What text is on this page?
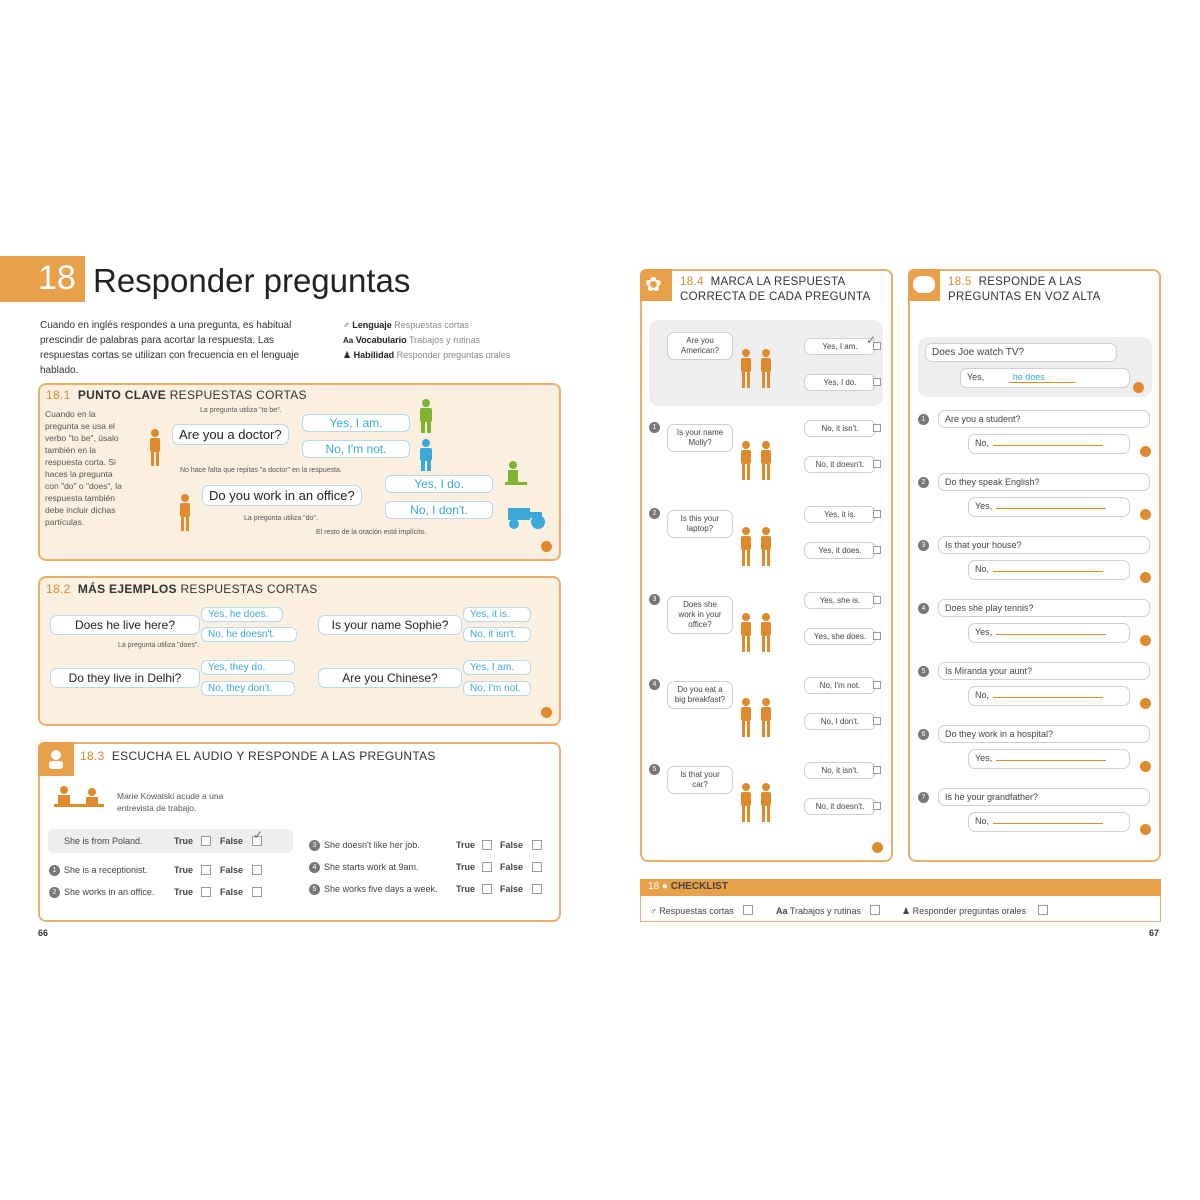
18 Responder preguntas
Cuando en inglés respondes a una pregunta, es habitual prescindir de palabras para acortar la respuesta. Las respuestas cortas se utilizan con frecuencia en el lenguaje hablado.
♂ Lenguaje Respuestas cortas
Aa Vocabulario Trabajos y rutinas
♟ Habilidad Responder preguntas orales
18.1 PUNTO CLAVE RESPUESTAS CORTAS
Cuando en la pregunta se usa el verbo "to be", úsalo también en la respuesta corta. Si haces la pregunta con "do" o "does", la respuesta también debe incluir dichas partículas.
Are you a doctor?
Yes, I am.
No, I'm not.
La pregunta utiliza "to be".
No hace falta que repitas "a doctor" en la respuesta.
Do you work in an office?
Yes, I do.
No, I don't.
La pregunta utiliza "do".
El resto de la oración está implícito.
18.2 MÁS EJEMPLOS RESPUESTAS CORTAS
Does he live here?
Yes, he does.
No, he doesn't.
La pregunta utiliza "does".
Is your name Sophie?
Yes, it is.
No, it isn't.
Do they live in Delhi?
Yes, they do.
No, they don't.
Are you Chinese?
Yes, I am.
No, I'm not.
18.3 ESCUCHA EL AUDIO Y RESPONDE A LAS PREGUNTAS
Marie Kowalski acude a una entrevista de trabajo.
She is from Poland.	True	False ✓
1 She is a receptionist.	True	False
2 She works in an office. True	False
3 She doesn't like her job.	True	False
4 She starts work at 9am.	True	False
5 She works five days a week. True	False
66
✿ 18.4 MARCA LA RESPUESTA
CORRECTA DE CADA PREGUNTA
Are you American?	Yes, I am.
Yes, I do.
✓
1
Is your name Molly?
No, it isn't.
No, it doesn't.
2
Is this your laptop?
Yes, it is.
Yes, it does.
3
Does she work in your office?
Yes, she is.
Yes, she does.
4
Do you eat a big breakfast?
No, I'm not.
No, I don't.
5
Is that your car?
No, it isn't.
No, it doesn't.
18.5 RESPONDE A LAS
PREGUNTAS EN VOZ ALTA
Does Joe watch TV?
Yes,	he does
1	Are you a student?
No,
2	Do they speak English?
Yes,
3	Is that your house?
No,
4	Does she play tennis?
Yes,
5	Is Miranda your aunt?
No,
6	Do they work in a hospital?
Yes,
7	Is he your grandfather?
No,
18 ● CHECKLIST
♂ Respuestas cortas	Aa Trabajos y rutinas	♟ Responder preguntas orales
67
